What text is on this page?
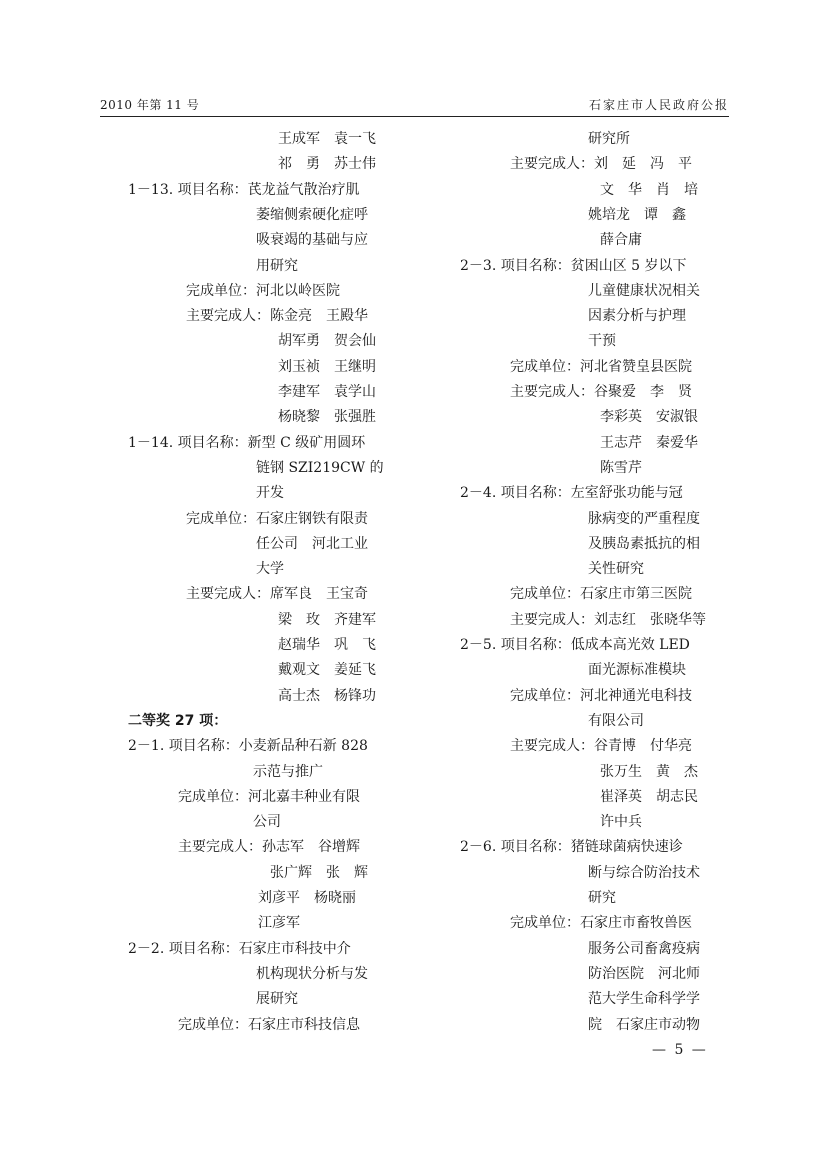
2010 年第 11 号	石家庄市人民政府公报
王成军　袁一飞
祁　勇　苏士伟
1－13. 项目名称：芪龙益气散治疗肌
萎缩侧索硬化症呼
吸衰竭的基础与应
用研究
完成单位：河北以岭医院
主要完成人：陈金亮　王殿华
胡军勇　贺会仙
刘玉祯　王继明
李建军　袁学山
杨晓黎　张强胜
1－14. 项目名称：新型 C 级矿用圆环
链钢 SZI219CW 的
开发
完成单位：石家庄钢铁有限责
任公司　河北工业
大学
主要完成人：席军良　王宝奇
梁　玫　齐建军
赵瑞华　巩　飞
戴观文　姜延飞
高士杰　杨锋功
二等奖 27 项：
2－1. 项目名称：小麦新品种石新 828
示范与推广
完成单位：河北嘉丰种业有限
公司
主要完成人：孙志军　谷增辉
张广辉　张　辉
刘彦平　杨晓丽
江彦军
2－2. 项目名称：石家庄市科技中介
机构现状分析与发
展研究
完成单位：石家庄市科技信息
研究所
主要完成人：刘　延　冯　平
文　华　肖　培
姚培龙　谭　鑫
薛合庸
2－3. 项目名称：贫困山区 5 岁以下
儿童健康状况相关
因素分析与护理
干预
完成单位：河北省赞皇县医院
主要完成人：谷聚爱　李　贤
李彩英　安淑银
王志芹　秦爱华
陈雪芹
2－4. 项目名称：左室舒张功能与冠
脉病变的严重程度
及胰岛素抵抗的相
关性研究
完成单位：石家庄市第三医院
主要完成人：刘志红　张晓华等
2－5. 项目名称：低成本高光效 LED
面光源标准模块
完成单位：河北神通光电科技
有限公司
主要完成人：谷青博　付华亮
张万生　黄　杰
崔泽英　胡志民
许中兵
2－6. 项目名称：猪链球菌病快速诊
断与综合防治技术
研究
完成单位：石家庄市畜牧兽医
服务公司畜禽疫病
防治医院　河北师
范大学生命科学学
院　石家庄市动物
— 5 —
